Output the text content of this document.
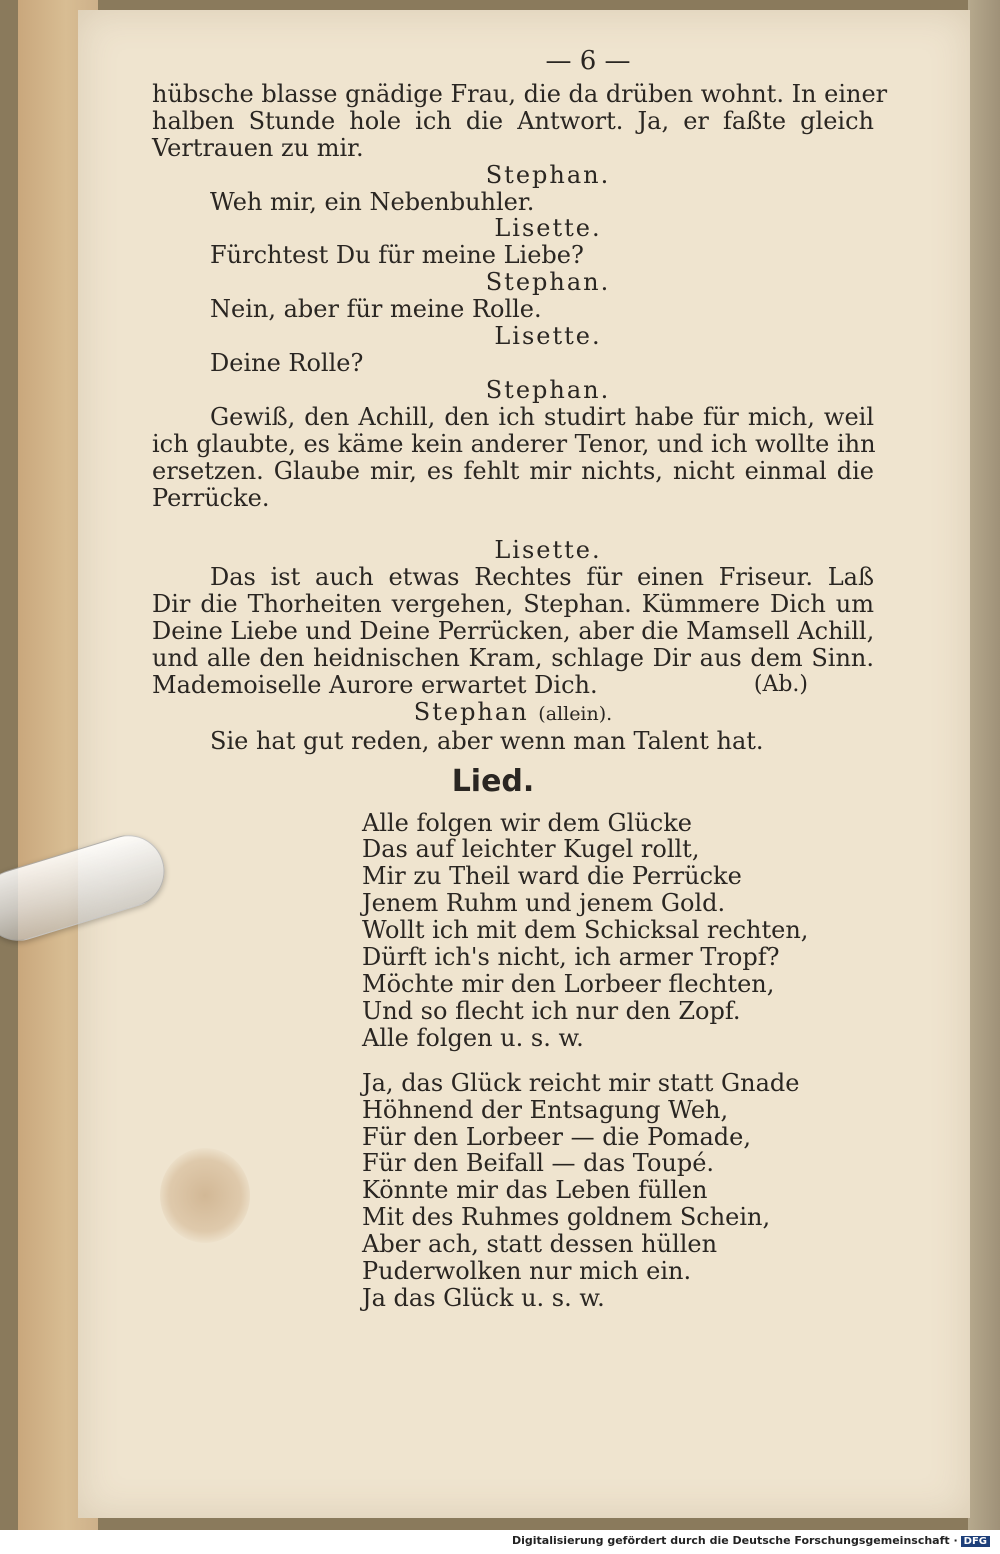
— 6 —
hübsche blasse gnädige Frau, die da drüben wohnt. In einer
halben Stunde hole ich die Antwort. Ja, er faßte gleich
Vertrauen zu mir.
Stephan.
Weh mir, ein Nebenbuhler.
Lisette.
Fürchtest Du für meine Liebe?
Stephan.
Nein, aber für meine Rolle.
Lisette.
Deine Rolle?
Stephan.
Gewiß, den Achill, den ich studirt habe für mich, weil
ich glaubte, es käme kein anderer Tenor, und ich wollte ihn
ersetzen. Glaube mir, es fehlt mir nichts, nicht einmal die
Perrücke.
Lisette.
Das ist auch etwas Rechtes für einen Friseur. Laß
Dir die Thorheiten vergehen, Stephan. Kümmere Dich um
Deine Liebe und Deine Perrücken, aber die Mamsell Achill,
und alle den heidnischen Kram, schlage Dir aus dem Sinn.
(Ab.)
Mademoiselle Aurore erwartet Dich.
Stephan (allein).
Sie hat gut reden, aber wenn man Talent hat.
Lied.
Alle folgen wir dem Glücke
Das auf leichter Kugel rollt,
Mir zu Theil ward die Perrücke
Jenem Ruhm und jenem Gold.
Wollt ich mit dem Schicksal rechten,
Dürft ich's nicht, ich armer Tropf?
Möchte mir den Lorbeer flechten,
Und so flecht ich nur den Zopf.
Alle folgen u. s. w.
Ja, das Glück reicht mir statt Gnade
Höhnend der Entsagung Weh,
Für den Lorbeer — die Pomade,
Für den Beifall — das Toupé.
Könnte mir das Leben füllen
Mit des Ruhmes goldnem Schein,
Aber ach, statt dessen hüllen
Puderwolken nur mich ein.
Ja das Glück u. s. w.
Digitalisierung gefördert durch die Deutsche Forschungsgemeinschaft · DFG
